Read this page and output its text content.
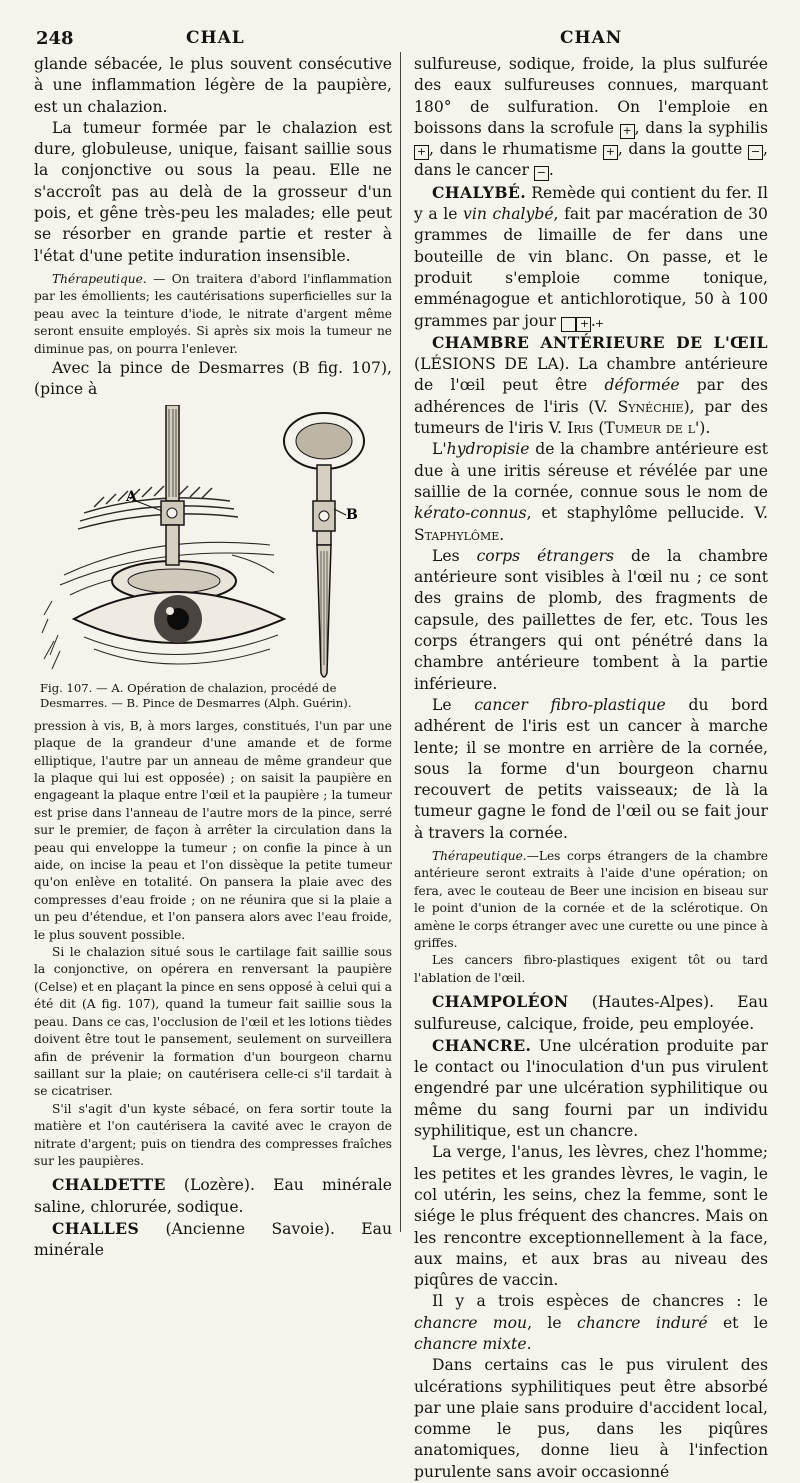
248	CHAL	CHAN

glande sébacée, le plus souvent consécutive à une inflammation légère de la paupière, est un chalazion.

La tumeur formée par le chalazion est dure, globuleuse, unique, faisant saillie sous la conjonctive ou sous la peau. Elle ne s'accroît pas au delà de la grosseur d'un pois, et gêne très-peu les malades; elle peut se résorber en grande partie et rester à l'état d'une petite induration insensible.

Thérapeutique. — On traitera d'abord l'inflammation par les émollients; les cautérisations superficielles sur la peau avec la teinture d'iode, le nitrate d'argent même seront ensuite employés. Si après six mois la tumeur ne diminue pas, on pourra l'enlever.

Avec la pince de Desmarres (B fig. 107), (pince à

A
B

Fig. 107. — A. Opération de chalazion, procédé de Desmarres. — B. Pince de Desmarres (Alph. Guérin).

pression à vis, B, à mors larges, constitués, l'un par une plaque de la grandeur d'une amande et de forme elliptique, l'autre par un anneau de même grandeur que la plaque qui lui est opposée) ; on saisit la paupière en engageant la plaque entre l'œil et la paupière ; la tumeur est prise dans l'anneau de l'autre mors de la pince, serré sur le premier, de façon à arrêter la circulation dans la peau qui enveloppe la tumeur ; on confie la pince à un aide, on incise la peau et l'on dissèque la petite tumeur qu'on enlève en totalité. On pansera la plaie avec des compresses d'eau froide ; on ne réunira que si la plaie a un peu d'étendue, et l'on pansera alors avec l'eau froide, le plus souvent possible.

Si le chalazion situé sous le cartilage fait saillie sous la conjonctive, on opérera en renversant la paupière (Celse) et en plaçant la pince en sens opposé à celui qui a été dit (A fig. 107), quand la tumeur fait saillie sous la peau. Dans ce cas, l'occlusion de l'œil et les lotions tièdes doivent être tout le pansement, seulement on surveillera afin de prévenir la formation d'un bourgeon charnu saillant sur la plaie; on cautérisera celle-ci s'il tardait à se cicatriser.

S'il s'agit d'un kyste sébacé, on fera sortir toute la matière et l'on cautérisera la cavité avec le crayon de nitrate d'argent; puis on tiendra des compresses fraîches sur les paupières.

CHALDETTE (Lozère). Eau minérale saline, chlorurée, sodique.

CHALLES (Ancienne Savoie). Eau minérale

sulfureuse, sodique, froide, la plus sulfurée des eaux sulfureuses connues, marquant 180° de sulfuration. On l'emploie en boissons dans la scrofule + , dans la syphilis + , dans le rhumatisme + , dans la goutte − , dans le cancer − .

CHALYBÉ. Remède qui contient du fer. Il y a le vin chalybé, fait par macération de 30 grammes de limaille de fer dans une bouteille de vin blanc. On passe, et le produit s'emploie comme tonique, emménagogue et antichlorotique, 50 à 100 grammes par jour + +.

CHAMBRE ANTÉRIEURE DE L'ŒIL (LÉSIONS DE LA). La chambre antérieure de l'œil peut être déformée par des adhérences de l'iris (V. Synéchie), par des tumeurs de l'iris V. Iris (Tumeur de l').

L'hydropisie de la chambre antérieure est due à une iritis séreuse et révélée par une saillie de la cornée, connue sous le nom de kérato-connus, et staphylôme pellucide. V. Staphylôme.

Les corps étrangers de la chambre antérieure sont visibles à l'œil nu ; ce sont des grains de plomb, des fragments de capsule, des paillettes de fer, etc. Tous les corps étrangers qui ont pénétré dans la chambre antérieure tombent à la partie inférieure.

Le cancer fibro-plastique du bord adhérent de l'iris est un cancer à marche lente; il se montre en arrière de la cornée, sous la forme d'un bourgeon charnu recouvert de petits vaisseaux; de là la tumeur gagne le fond de l'œil ou se fait jour à travers la cornée.

Thérapeutique.—Les corps étrangers de la chambre antérieure seront extraits à l'aide d'une opération; on fera, avec le couteau de Beer une incision en biseau sur le point d'union de la cornée et de la sclérotique. On amène le corps étranger avec une curette ou une pince à griffes.

Les cancers fibro-plastiques exigent tôt ou tard l'ablation de l'œil.

CHAMPOLÉON (Hautes-Alpes). Eau sulfureuse, calcique, froide, peu employée.

CHANCRE. Une ulcération produite par le contact ou l'inoculation d'un pus virulent engendré par une ulcération syphilitique ou même du sang fourni par un individu syphilitique, est un chancre.

La verge, l'anus, les lèvres, chez l'homme; les petites et les grandes lèvres, le vagin, le col utérin, les seins, chez la femme, sont le siége le plus fréquent des chancres. Mais on les rencontre exceptionnellement à la face, aux mains, et aux bras au niveau des piqûres de vaccin.

Il y a trois espèces de chancres : le chancre mou, le chancre induré et le chancre mixte.

Dans certains cas le pus virulent des ulcérations syphilitiques peut être absorbé par une plaie sans produire d'accident local, comme le pus, dans les piqûres anatomiques, donne lieu à l'infection purulente sans avoir occasionné
